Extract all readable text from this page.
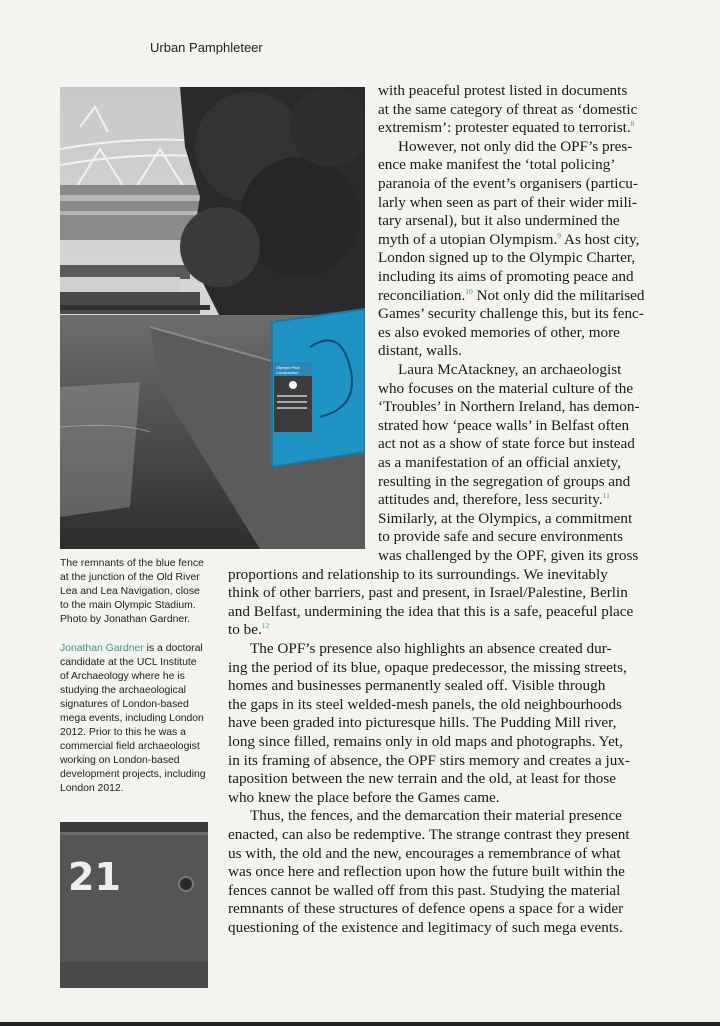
Urban Pamphleteer
Olympic Park
Construction
The remnants of the blue fence
at the junction of the Old River
Lea and Lea Navigation, close
to the main Olympic Stadium.
Photo by Jonathan Gardner.
Jonathan Gardner is a doctoral
candidate at the UCL Institute
of Archaeology where he is
studying the archaeological
signatures of London-based
mega events, including London
2012. Prior to this he was a
commercial field archaeologist
working on London-based
development projects, including
London 2012.
21
with peaceful protest listed in documents
at the same category of threat as ‘domestic
extremism’: protester equated to terrorist.$^8$
However, not only did the OPF’s pres-
ence make manifest the ‘total policing’
paranoia of the event’s organisers (particu-
larly when seen as part of their wider mili-
tary arsenal), but it also undermined the
myth of a utopian Olympism.$^9$ As host city,
London signed up to the Olympic Charter,
including its aims of promoting peace and
reconciliation.$^{10}$ Not only did the militarised
Games’ security challenge this, but its fenc-
es also evoked memories of other, more
distant, walls.
Laura McAtackney, an archaeologist
who focuses on the material culture of the
‘Troubles’ in Northern Ireland, has demon-
strated how ‘peace walls’ in Belfast often
act not as a show of state force but instead
as a manifestation of an official anxiety,
resulting in the segregation of groups and
attitudes and, therefore, less security.$^{11}$
Similarly, at the Olympics, a commitment
to provide safe and secure environments
was challenged by the OPF, given its gross
proportions and relationship to its surroundings. We inevitably
think of other barriers, past and present, in Israel/Palestine, Berlin
and Belfast, undermining the idea that this is a safe, peaceful place
to be.$^{12}$
The OPF’s presence also highlights an absence created dur-
ing the period of its blue, opaque predecessor, the missing streets,
homes and businesses permanently sealed off. Visible through
the gaps in its steel welded-mesh panels, the old neighbourhoods
have been graded into picturesque hills. The Pudding Mill river,
long since filled, remains only in old maps and photographs. Yet,
in its framing of absence, the OPF stirs memory and creates a jux-
taposition between the new terrain and the old, at least for those
who knew the place before the Games came.
Thus, the fences, and the demarcation their material presence
enacted, can also be redemptive. The strange contrast they present
us with, the old and the new, encourages a remembrance of what
was once here and reflection upon how the future built within the
fences cannot be walled off from this past. Studying the material
remnants of these structures of defence opens a space for a wider
questioning of the existence and legitimacy of such mega events.
